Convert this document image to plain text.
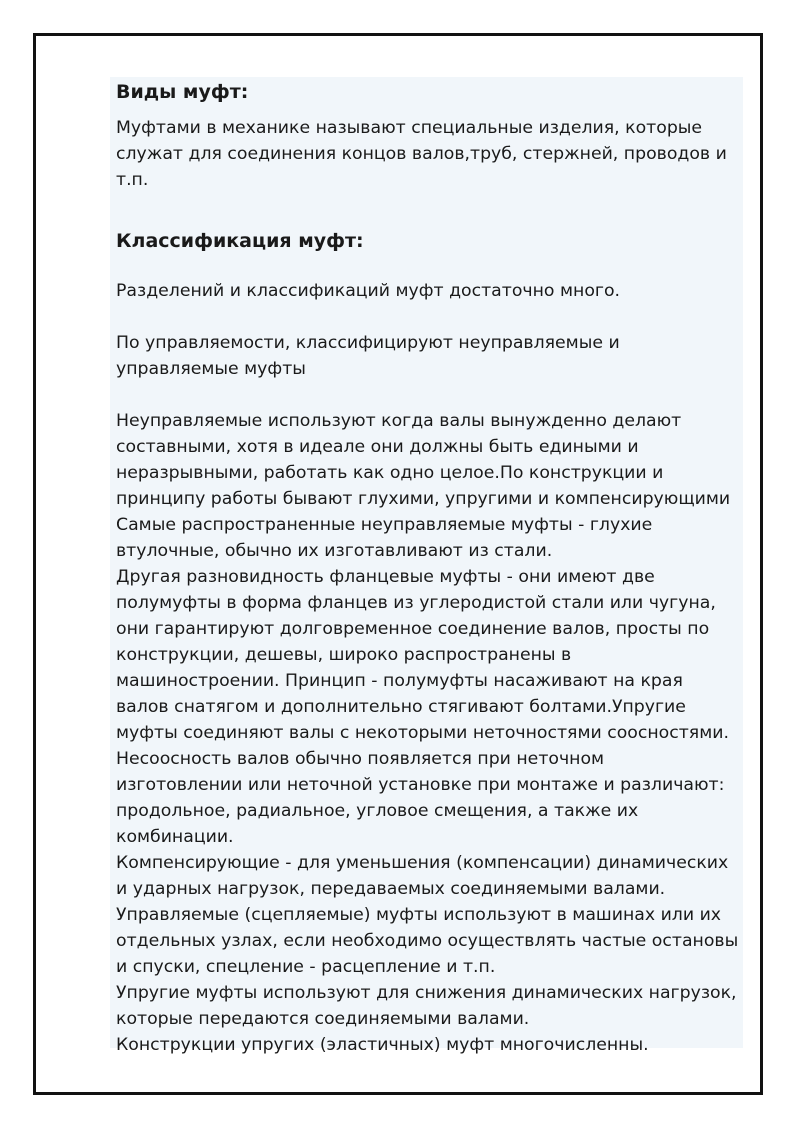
Виды муфт:

Муфтами в механике называют специальные изделия, которые
служат для соединения концов валов,труб, стержней, проводов и
т.п.

Классификация муфт:

Разделений и классификаций муфт достаточно много.

По управляемости, классифицируют неуправляемые и
управляемые муфты

Неуправляемые используют когда валы вынужденно делают
составными, хотя в идеале они должны быть едиными и
неразрывными, работать как одно целое.По конструкции и
принципу работы бывают глухими, упругими и компенсирующими
Самые распространенные неуправляемые муфты - глухие
втулочные, обычно их изготавливают из стали.
Другая разновидность фланцевые муфты - они имеют две
полумуфты в форма фланцев из углеродистой стали или чугуна,
они гарантируют долговременное соединение валов, просты по
конструкции, дешевы, широко распространены в
машиностроении. Принцип - полумуфты насаживают на края
валов снатягом и дополнительно стягивают болтами.Упругие
муфты соединяют валы с некоторыми неточностями соосностями.
Несоосность валов обычно появляется при неточном
изготовлении или неточной установке при монтаже и различают:
продольное, радиальное, угловое смещения, а также их
комбинации.
Компенсирующие - для уменьшения (компенсации) динамических
и ударных нагрузок, передаваемых соединяемыми валами.
Управляемые (сцепляемые) муфты используют в машинах или их
отдельных узлах, если необходимо осуществлять частые остановы
и спуски, спецление - расцепление и т.п.
Упругие муфты используют для снижения динамических нагрузок,
которые передаются соединяемыми валами.
Конструкции упругих (эластичных) муфт многочисленны.
